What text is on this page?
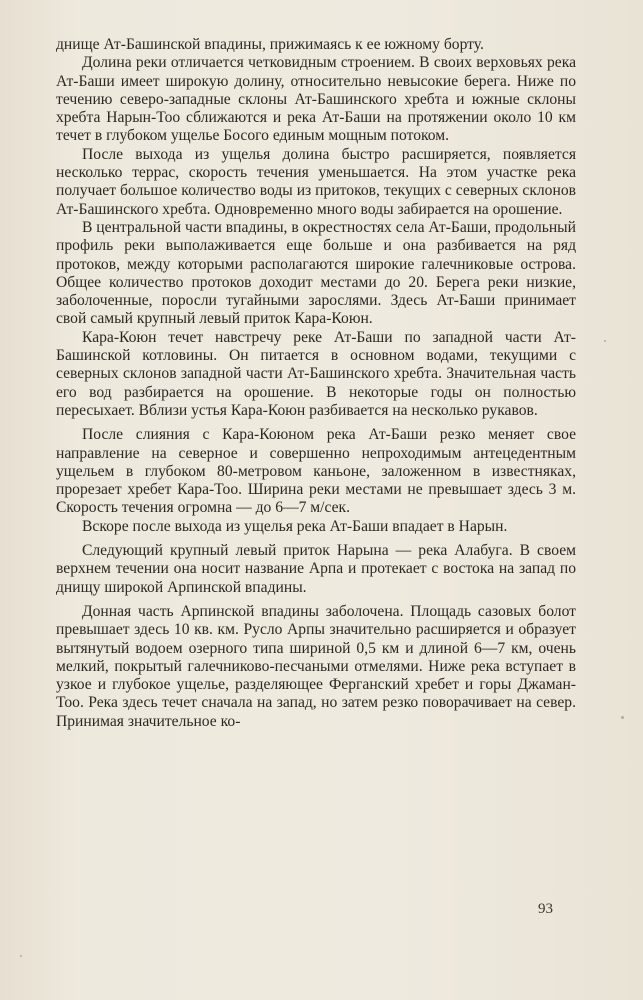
днище Ат-Башинской впадины, прижимаясь к ее южному борту.

Долина реки отличается четковидным строением. В своих верховьях река Ат-Баши имеет широкую долину, относительно невысокие берега. Ниже по течению северо-западные склоны Ат-Башинского хребта и южные склоны хребта Нарын-Тоо сближаются и река Ат-Баши на протяжении около 10 км течет в глубоком ущелье Босого единым мощным потоком.

После выхода из ущелья долина быстро расширяется, появляется несколько террас, скорость течения уменьшается. На этом участке река получает большое количество воды из притоков, текущих с северных склонов Ат-Башинского хребта. Одновременно много воды забирается на орошение.

В центральной части впадины, в окрестностях села Ат-Баши, продольный профиль реки выполаживается еще больше и она разбивается на ряд протоков, между которыми располагаются широкие галечниковые острова. Общее количество протоков доходит местами до 20. Берега реки низкие, заболоченные, поросли тугайными зарослями. Здесь Ат-Баши принимает свой самый крупный левый приток Кара-Коюн.

Кара-Коюн течет навстречу реке Ат-Баши по западной части Ат-Башинской котловины. Он питается в основном водами, текущими с северных склонов западной части Ат-Башинского хребта. Значительная часть его вод разбирается на орошение. В некоторые годы он полностью пересыхает. Вблизи устья Кара-Коюн разбивается на несколько рукавов.

После слияния с Кара-Коюном река Ат-Баши резко меняет свое направление на северное и совершенно непроходимым антецедентным ущельем в глубоком 80-метровом каньоне, заложенном в известняках, прорезает хребет Кара-Тоо. Ширина реки местами не превышает здесь 3 м. Скорость течения огромна — до 6—7 м/сек.

Вскоре после выхода из ущелья река Ат-Баши впадает в Нарын.

Следующий крупный левый приток Нарына — река Алабуга. В своем верхнем течении она носит название Арпа и протекает с востока на запад по днищу широкой Арпинской впадины.

Донная часть Арпинской впадины заболочена. Площадь сазовых болот превышает здесь 10 кв. км. Русло Арпы значительно расширяется и образует вытянутый водоем озерного типа шириной 0,5 км и длиной 6—7 км, очень мелкий, покрытый галечниково-песчаными отмелями. Ниже река вступает в узкое и глубокое ущелье, разделяющее Ферганский хребет и горы Джаман-Тоо. Река здесь течет сначала на запад, но затем резко поворачивает на север. Принимая значительное ко-

93
